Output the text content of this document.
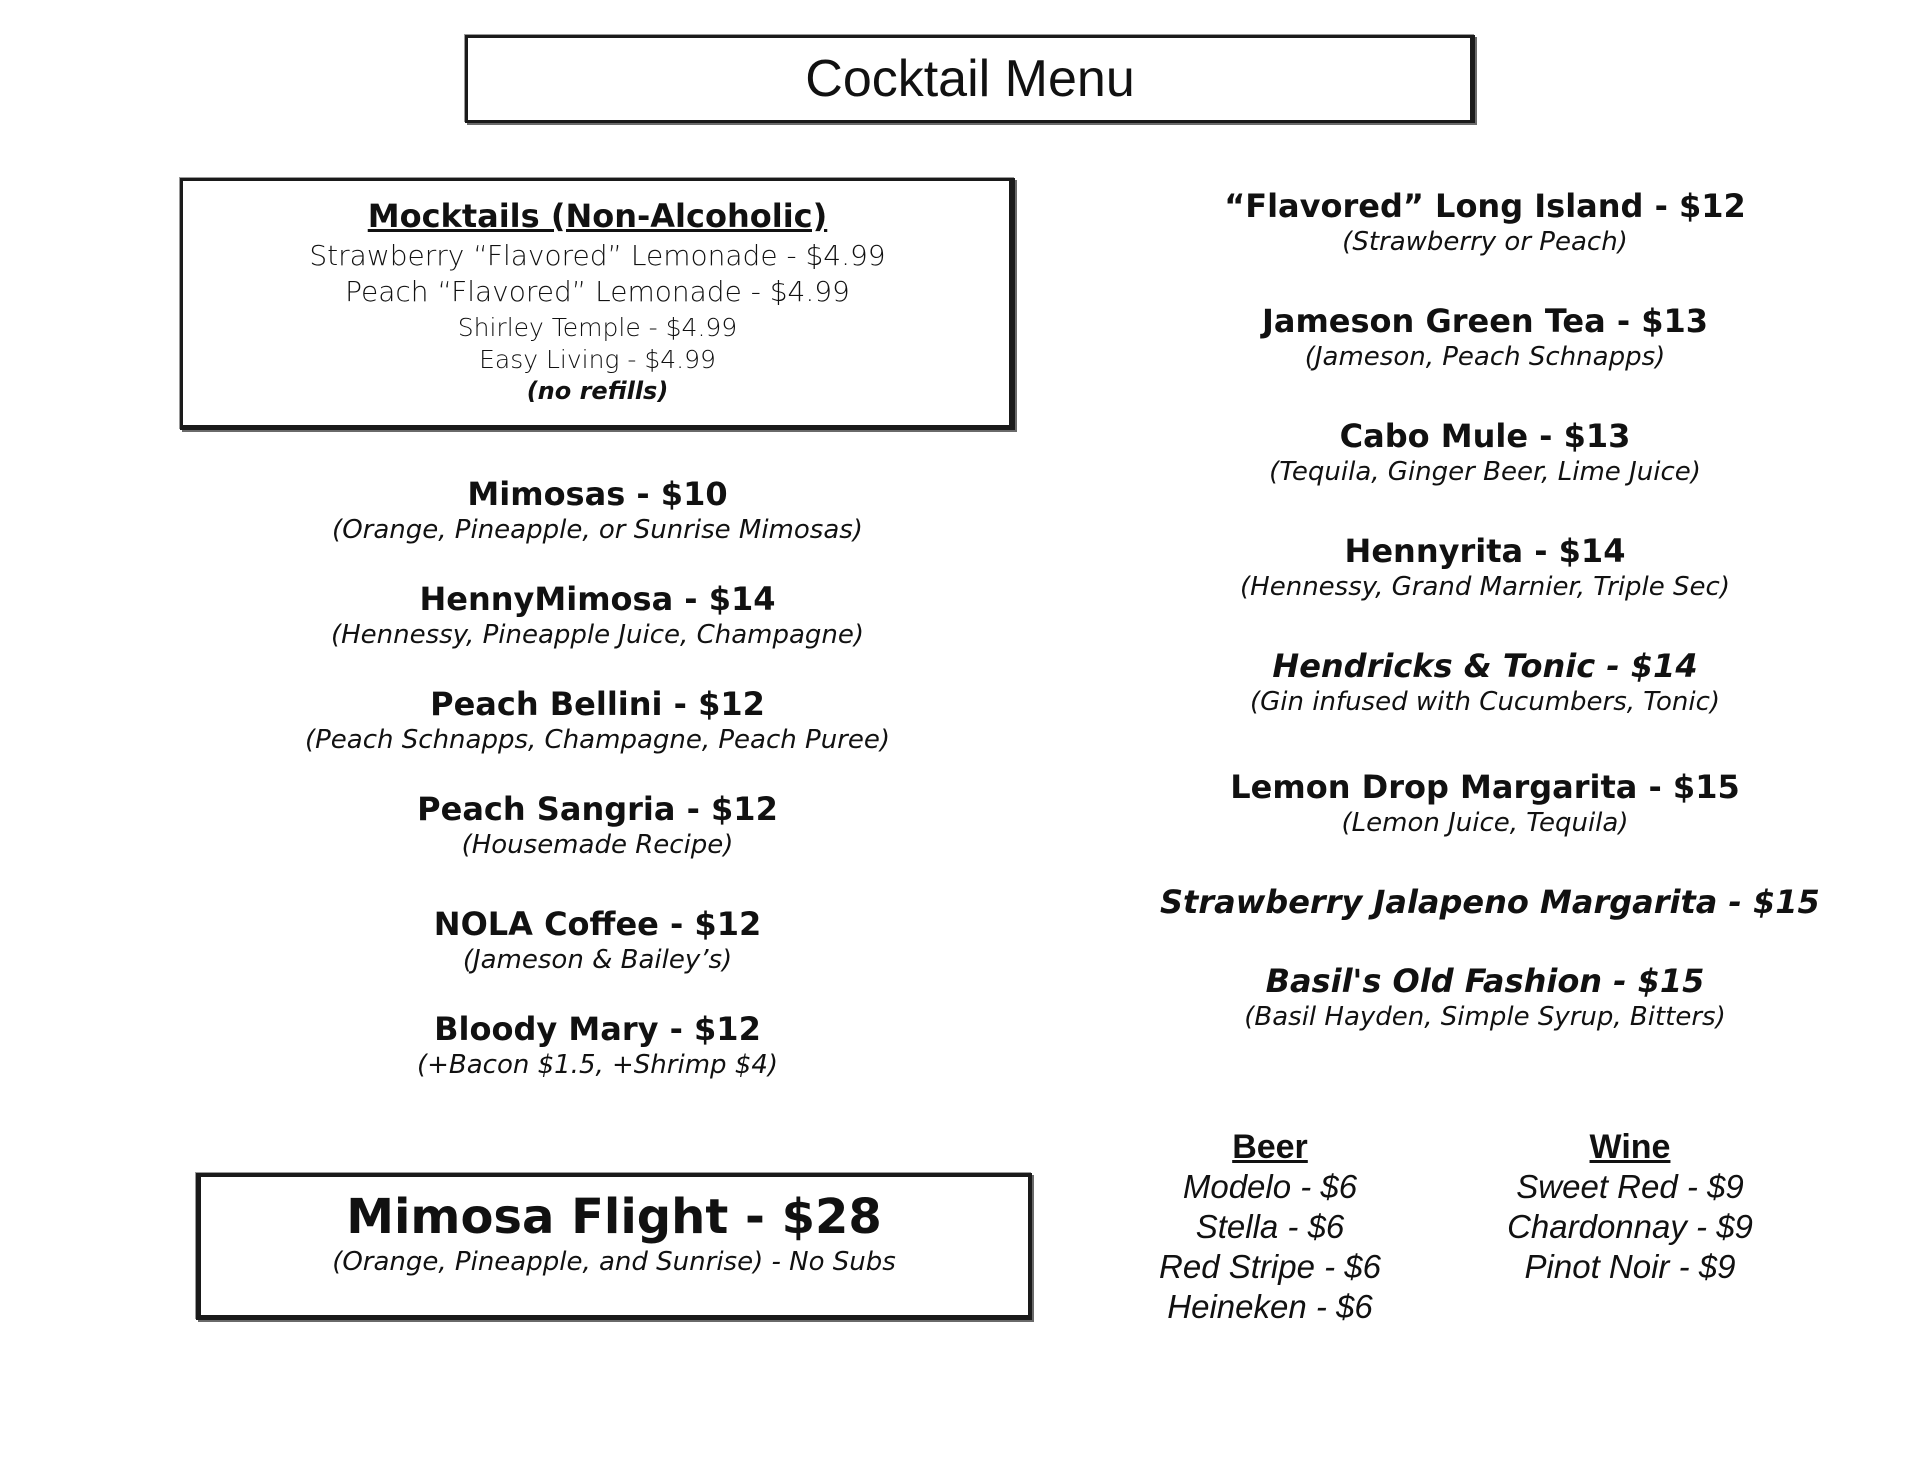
Cocktail Menu
Mocktails (Non-Alcoholic)
Strawberry “Flavored” Lemonade - $4.99
Peach “Flavored” Lemonade - $4.99
Shirley Temple - $4.99
Easy Living - $4.99
(no refills)
Mimosas - $10
(Orange, Pineapple, or Sunrise Mimosas)
HennyMimosa - $14
(Hennessy, Pineapple Juice, Champagne)
Peach Bellini - $12
(Peach Schnapps, Champagne, Peach Puree)
Peach Sangria - $12
(Housemade Recipe)
NOLA Coffee - $12
(Jameson & Bailey’s)
Bloody Mary - $12
(+Bacon $1.5, +Shrimp $4)
Mimosa Flight - $28
(Orange, Pineapple, and Sunrise) - No Subs
“Flavored” Long Island - $12
(Strawberry or Peach)
Jameson Green Tea - $13
(Jameson, Peach Schnapps)
Cabo Mule - $13
(Tequila, Ginger Beer, Lime Juice)
Hennyrita - $14
(Hennessy, Grand Marnier, Triple Sec)
Hendricks & Tonic - $14
(Gin infused with Cucumbers, Tonic)
Lemon Drop Margarita - $15
(Lemon Juice, Tequila)
Strawberry Jalapeno Margarita - $15
Basil's Old Fashion - $15
(Basil Hayden, Simple Syrup, Bitters)
Beer
Modelo - $6
Stella - $6
Red Stripe - $6
Heineken - $6
Wine
Sweet Red - $9
Chardonnay - $9
Pinot Noir - $9
